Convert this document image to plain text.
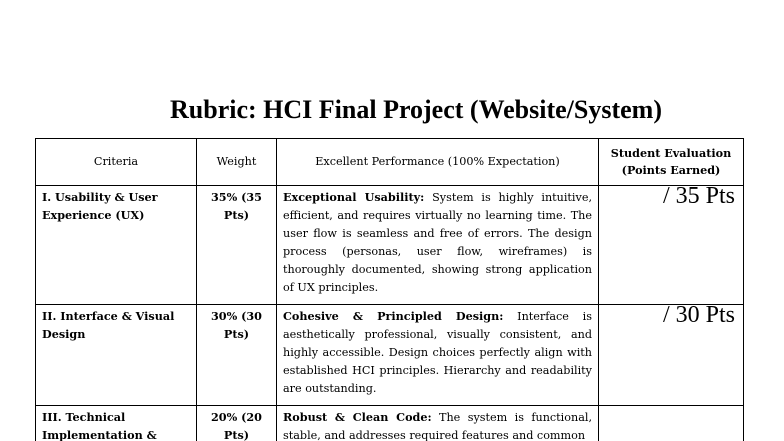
Rubric: HCI Final Project (Website/System)
Criteria	Weight	Excellent Performance (100% Expectation)	Student Evaluation
(Points Earned)
I. Usability & User Experience (UX)	35% (35 Pts)	Exceptional Usability: System is highly intuitive, efficient, and requires virtually no learning time. The user flow is seamless and free of errors. The design process (personas, user flow, wireframes) is thoroughly documented, showing strong application of UX principles.	/ 35 Pts
II. Interface & Visual Design	30% (30 Pts)	Cohesive & Principled Design: Interface is aesthetically professional, visually consistent, and highly accessible. Design choices perfectly align with established HCI principles. Hierarchy and readability are outstanding.	/ 30 Pts
III. Technical Implementation &	20% (20 Pts)	Robust & Clean Code: The system is functional, stable, and addresses required features and common	
